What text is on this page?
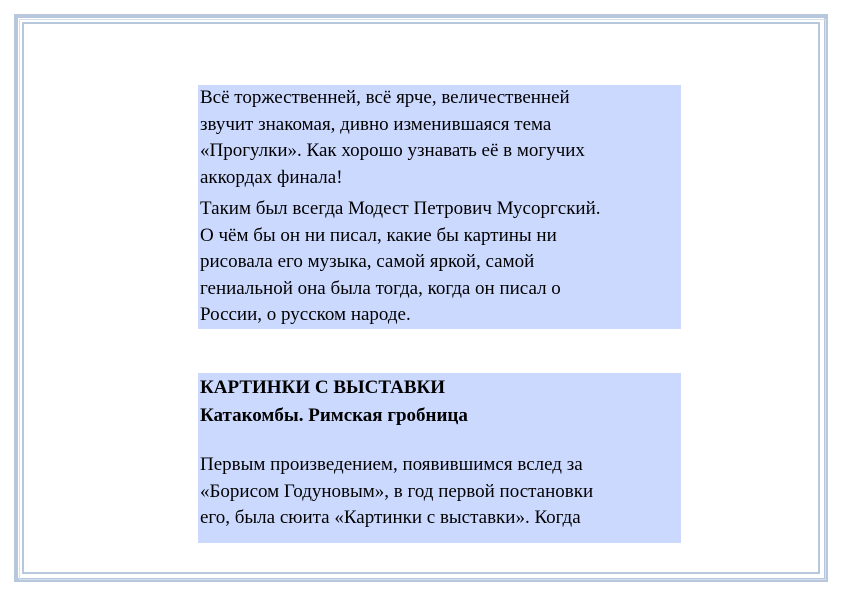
Всё торжественней, всё ярче, величественней
звучит знакомая, дивно изменившаяся тема
«Прогулки». Как хорошо узнавать её в могучих
аккордах финала!

Таким был всегда Модест Петрович Мусоргский.
О чём бы он ни писал, какие бы картины ни
рисовала его музыка, самой яркой, самой
гениальной она была тогда, когда он писал о
России, о русском народе.

КАРТИНКИ С ВЫСТАВКИ

Катакомбы. Римская гробница

Первым произведением, появившимся вслед за
«Борисом Годуновым», в год первой постановки
его, была сюита «Картинки с выставки». Когда
